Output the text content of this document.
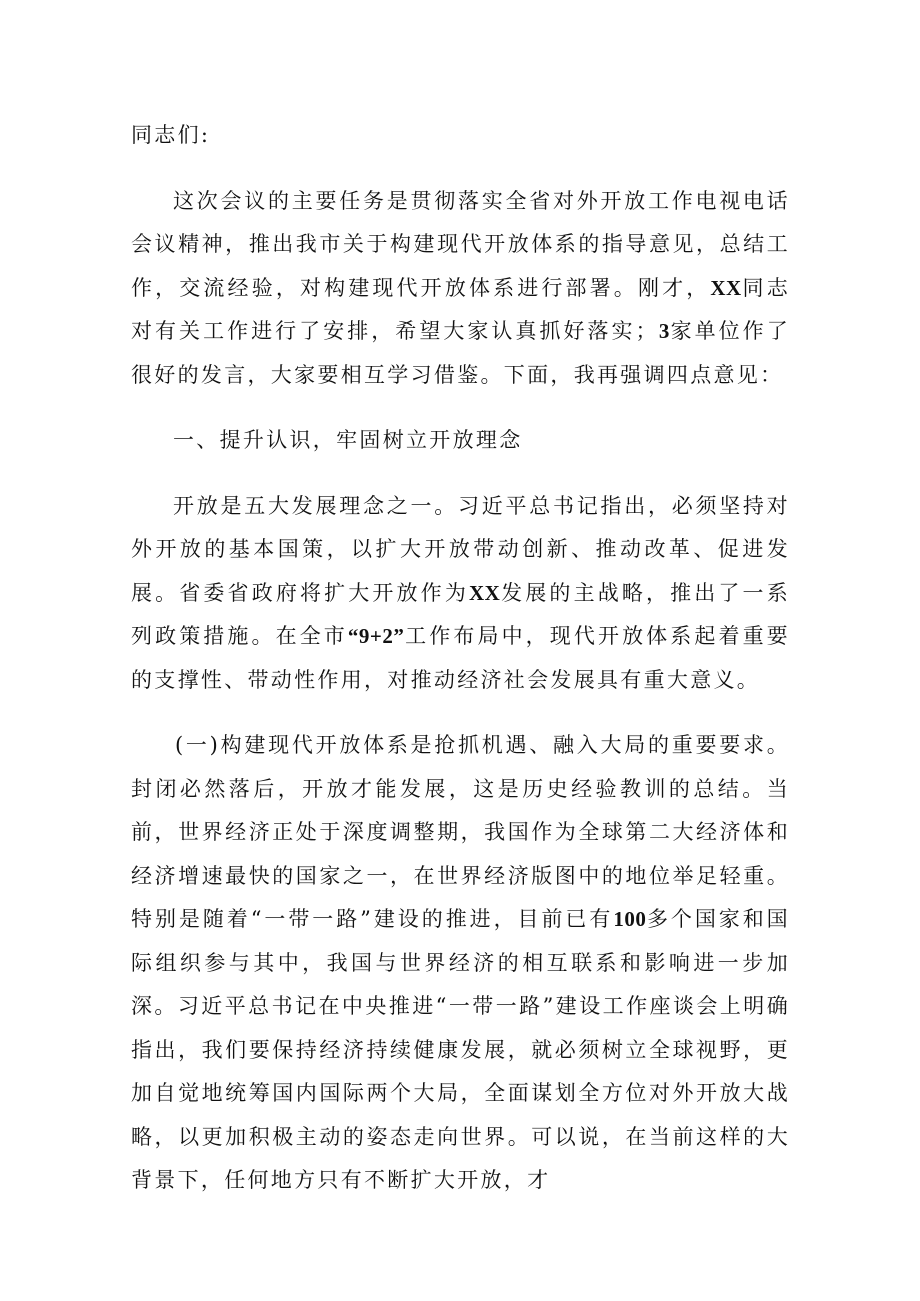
同志们:

这次会议的主要任务是贯彻落实全省对外开放工作电视电话会议精神，推出我市关于构建现代开放体系的指导意见，总结工作，交流经验，对构建现代开放体系进行部署。刚才，XX同志对有关工作进行了安排，希望大家认真抓好落实；3家单位作了很好的发言，大家要相互学习借鉴。下面，我再强调四点意见：

一、提升认识，牢固树立开放理念

开放是五大发展理念之一。习近平总书记指出，必须坚持对外开放的基本国策，以扩大开放带动创新、推动改革、促进发展。省委省政府将扩大开放作为XX发展的主战略，推出了一系列政策措施。在全市“9+2”工作布局中，现代开放体系起着重要的支撑性、带动性作用，对推动经济社会发展具有重大意义。

(一)构建现代开放体系是抢抓机遇、融入大局的重要要求。封闭必然落后，开放才能发展，这是历史经验教训的总结。当前，世界经济正处于深度调整期，我国作为全球第二大经济体和经济增速最快的国家之一，在世界经济版图中的地位举足轻重。特别是随着“一带一路”建设的推进，目前已有100多个国家和国际组织参与其中，我国与世界经济的相互联系和影响进一步加深。习近平总书记在中央推进“一带一路”建设工作座谈会上明确指出，我们要保持经济持续健康发展，就必须树立全球视野，更加自觉地统筹国内国际两个大局，全面谋划全方位对外开放大战略，以更加积极主动的姿态走向世界。可以说，在当前这样的大背景下，任何地方只有不断扩大开放，才
